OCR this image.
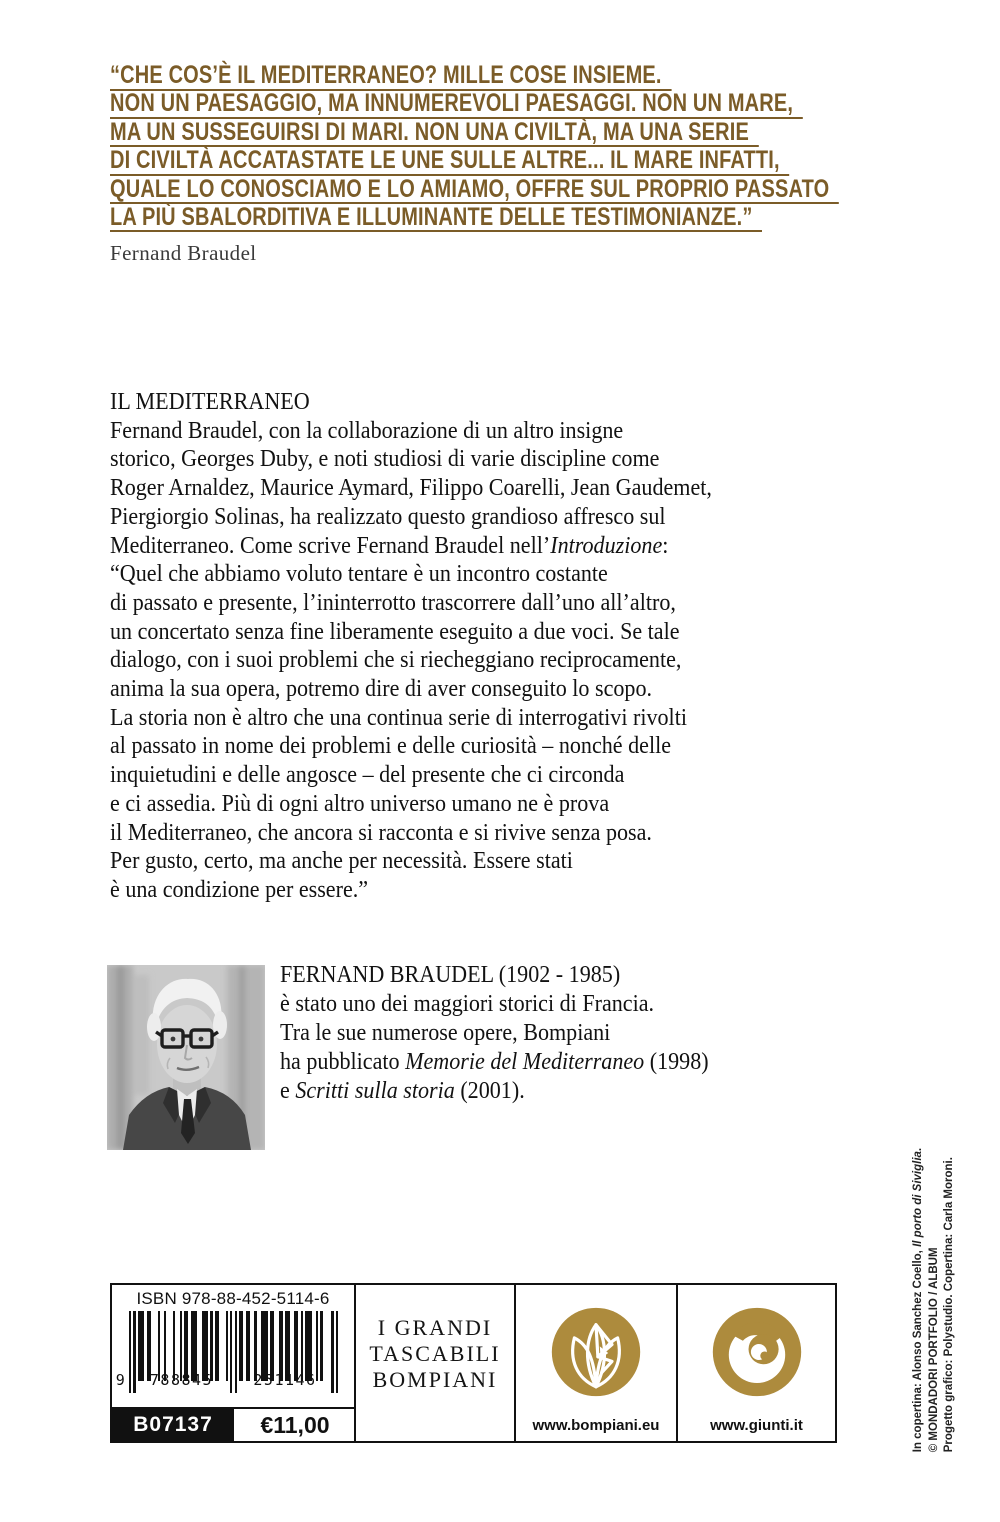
“CHE COS’È IL MEDITERRANEO? MILLE COSE INSIEME.
NON UN PAESAGGIO, MA INNUMEREVOLI PAESAGGI. NON UN MARE,
MA UN SUSSEGUIRSI DI MARI. NON UNA CIVILTÀ, MA UNA SERIE
DI CIVILTÀ ACCATASTATE LE UNE SULLE ALTRE... IL MARE INFATTI,
QUALE LO CONOSCIAMO E LO AMIAMO, OFFRE SUL PROPRIO PASSATO
LA PIÙ SBALORDITIVA E ILLUMINANTE DELLE TESTIMONIANZE.”
Fernand Braudel
IL MEDITERRANEO
Fernand Braudel, con la collaborazione di un altro insigne
storico, Georges Duby, e noti studiosi di varie discipline come
Roger Arnaldez, Maurice Aymard, Filippo Coarelli, Jean Gaudemet,
Piergiorgio Solinas, ha realizzato questo grandioso affresco sul
Mediterraneo. Come scrive Fernand Braudel nell’Introduzione:
“Quel che abbiamo voluto tentare è un incontro costante
di passato e presente, l’ininterrotto trascorrere dall’uno all’altro,
un concertato senza fine liberamente eseguito a due voci. Se tale
dialogo, con i suoi problemi che si riecheggiano reciprocamente,
anima la sua opera, potremo dire di aver conseguito lo scopo.
La storia non è altro che una continua serie di interrogativi rivolti
al passato in nome dei problemi e delle curiosità – nonché delle
inquietudini e delle angosce – del presente che ci circonda
e ci assedia. Più di ogni altro universo umano ne è prova
il Mediterraneo, che ancora si racconta e si rivive senza posa.
Per gusto, certo, ma anche per necessità. Essere stati
è una condizione per essere.”
FERNAND BRAUDEL (1902 - 1985)
è stato uno dei maggiori storici di Francia.
Tra le sue numerose opere, Bompiani
ha pubblicato Memorie del Mediterraneo (1998)
e Scritti sulla storia (2001).
ISBN 978-88-452-5114-6
9	788845	251146
B07137	€11,00
I GRANDI
TASCABILI
BOMPIANI
www.bompiani.eu	www.giunti.it	In copertina: Alonso Sanchez Coello, Il porto di Siviglia.
© MONDADORI PORTFOLIO / ALBUM Progetto grafico: Polystudio. Copertina: Carla Moroni.
